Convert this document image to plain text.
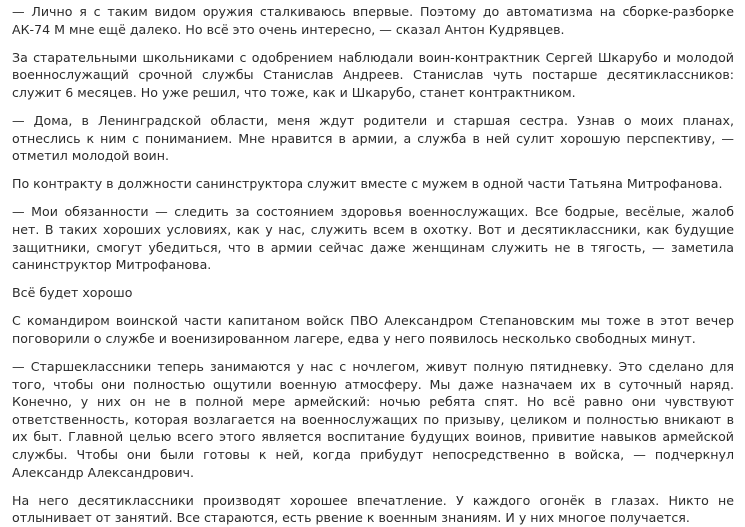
— Лично я с таким видом оружия сталкиваюсь впервые. Поэтому до автоматизма на сборке-разборке АК-74 М мне ещё далеко. Но всё это очень интересно, — сказал Антон Кудрявцев.

За старательными школьниками с одобрением наблюдали воин-контрактник Сергей Шкарубо и молодой военнослужащий срочной службы Станислав Андреев. Станислав чуть постарше десятиклассников: служит 6 месяцев. Но уже решил, что тоже, как и Шкарубо, станет контрактником.

— Дома, в Ленинградской области, меня ждут родители и старшая сестра. Узнав о моих планах, отнеслись к ним с пониманием. Мне нравится в армии, а служба в ней сулит хорошую перспективу, — отметил молодой воин.

По контракту в должности санинструктора служит вместе с мужем в одной части Татьяна Митрофанова.

— Мои обязанности — следить за состоянием здоровья военнослужащих. Все бодрые, весёлые, жалоб нет. В таких хороших условиях, как у нас, служить всем в охотку. Вот и десятиклассники, как будущие защитники, смогут убедиться, что в армии сейчас даже женщинам служить не в тягость, — заметила санинструктор Митрофанова.

Всё будет хорошо

С командиром воинской части капитаном войск ПВО Александром Степановским мы тоже в этот вечер поговорили о службе и военизированном лагере, едва у него появилось несколько свободных минут.

— Старшеклассники теперь занимаются у нас с ночлегом, живут полную пятидневку. Это сделано для того, чтобы они полностью ощутили военную атмосферу. Мы даже назначаем их в суточный наряд. Конечно, у них он не в полной мере армейский: ночью ребята спят. Но всё равно они чувствуют ответственность, которая возлагается на военнослужащих по призыву, целиком и полностью вникают в их быт. Главной целью всего этого является воспитание будущих воинов, привитие навыков армейской службы. Чтобы они были готовы к ней, когда прибудут непосредственно в войска, — подчеркнул Александр Александрович.

На него десятиклассники производят хорошее впечатление. У каждого огонёк в глазах. Никто не отлынивает от занятий. Все стараются, есть рвение к военным знаниям. И у них многое получается.
